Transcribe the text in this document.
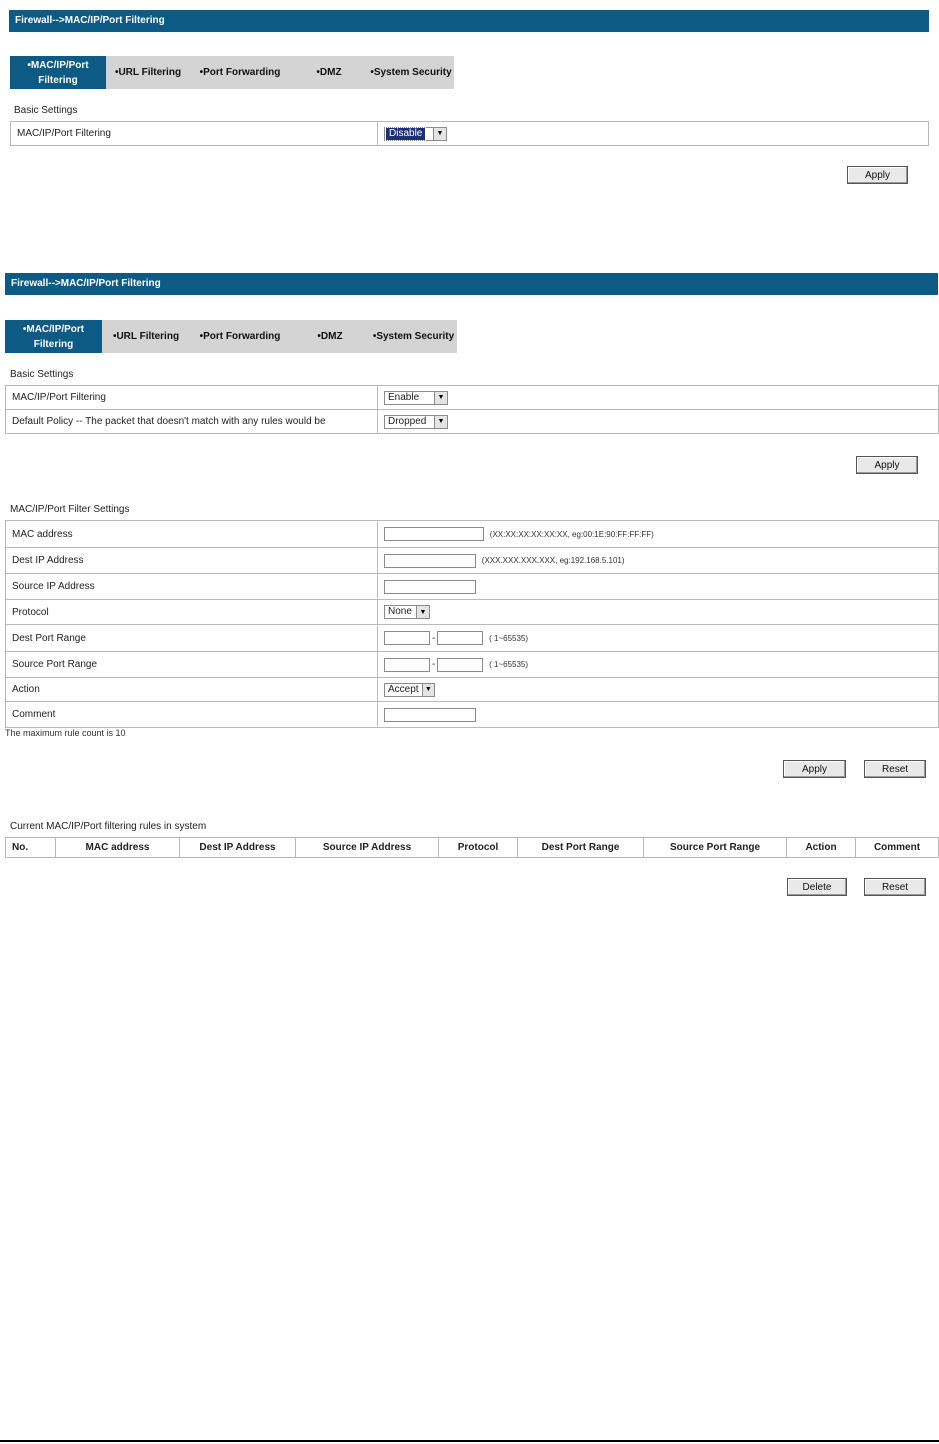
Firewall-->MAC/IP/Port Filtering
•MAC/IP/Port Filtering
•URL Filtering •Port Forwarding	•DMZ	•System Security
Basic Settings
MAC/IP/Port Filtering	Disable	▼
Apply
Firewall-->MAC/IP/Port Filtering
•MAC/IP/Port Filtering
•URL Filtering •Port Forwarding	•DMZ	•System Security
Basic Settings
MAC/IP/Port Filtering	Enable ▼

Default Policy -- The packet that doesn't match with any rules would be	Dropped ▼
Apply
MAC/IP/Port Filter Settings
MAC address	(XX:XX:XX:XX:XX:XX, eg:00:1E:90:FF:FF:FF)
Dest IP Address	(XXX.XXX.XXX.XXX, eg:192.168.5.101)
Source IP Address	
Protocol	None ▼

Dest Port Range	- ( 1~65535)
Source Port Range	- ( 1~65535)
Action	Accept ▼

Comment	
The maximum rule count is 10
Apply	Reset
Current MAC/IP/Port filtering rules in system
No.	MAC address	Dest IP Address	Source IP Address	Protocol	Dest Port Range	Source Port Range	Action	Comment
Delete	Reset
